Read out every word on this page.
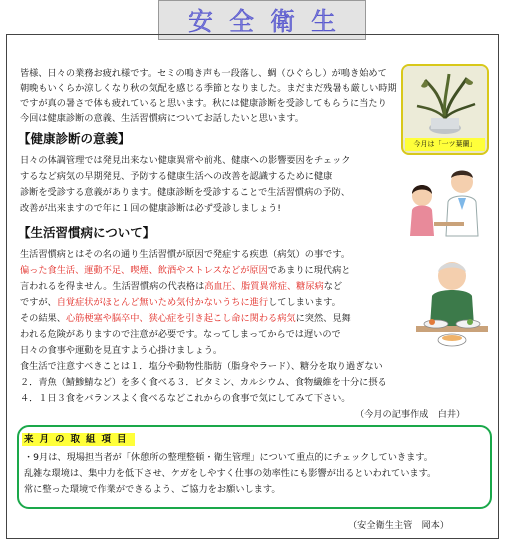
安全衛生
皆様、日々の業務お疲れ様です。セミの鳴き声も一段落し、蜩（ひぐらし）が鳴き始めて
朝晩もいくらか涼しくなり秋の気配を感じる季節となりました。まだまだ残暑も厳しい時期
ですが真の暑さで体も疲れていると思います。秋には健康診断を受診してもらうに当たり
今回は健康診断の意義、生活習慣病についてお話したいと思います。
今月は「一ツ葉蘭」
【健康診断の意義】
日々の体調管理では発見出来ない健康異常や前兆、健康への影響要因をチェック
するなど病気の早期発見、予防する健康生活への改善を認識するために健康
診断を受診する意義があります。健康診断を受診することで生活習慣病の予防、
改善が出来ますので年に１回の健康診断は必ず受診しましょう!
【生活習慣病について】
生活習慣病とはその名の通り生活習慣が原因で発症する疾患（病気）の事です。
偏った食生活、運動不足、喫煙、飲酒やストレスなどが原因であまりに現代病と
言われるを得ません。生活習慣病の代表格は高血圧、脂質異常症、糖尿病など
ですが、自覚症状がほとんど無いため気付かないうちに進行してしまいます。
その結果、心筋梗塞や脳卒中、狭心症を引き起こし命に関わる病気に突然、見舞
われる危険がありますので注意が必要です。なってしまってからでは遅いので
日々の食事や運動を見直すよう心掛けましょう。
食生活で注意すべきことは１．塩分や動物性脂肪（脂身やラード）、糖分を取り過ぎない
２．青魚（鯖鯵鯖など）を多く食べる３．ビタミン、カルシウム、食物繊維を十分に摂る
４．１日３食をバランスよく食べるなどこれからの食事で気にしてみて下さい。
（今月の記事作成　白井）
来月の取組項目
・9月は、現場担当者が「休憩所の整理整頓・衛生管理」について重点的にチェックしていきます。
乱雑な環境は、集中力を低下させ、ケガをしやすく仕事の効率性にも影響が出るといわれています。
常に整った環境で作業ができるよう、ご協力をお願いします。
（安全衛生主管　岡本）
